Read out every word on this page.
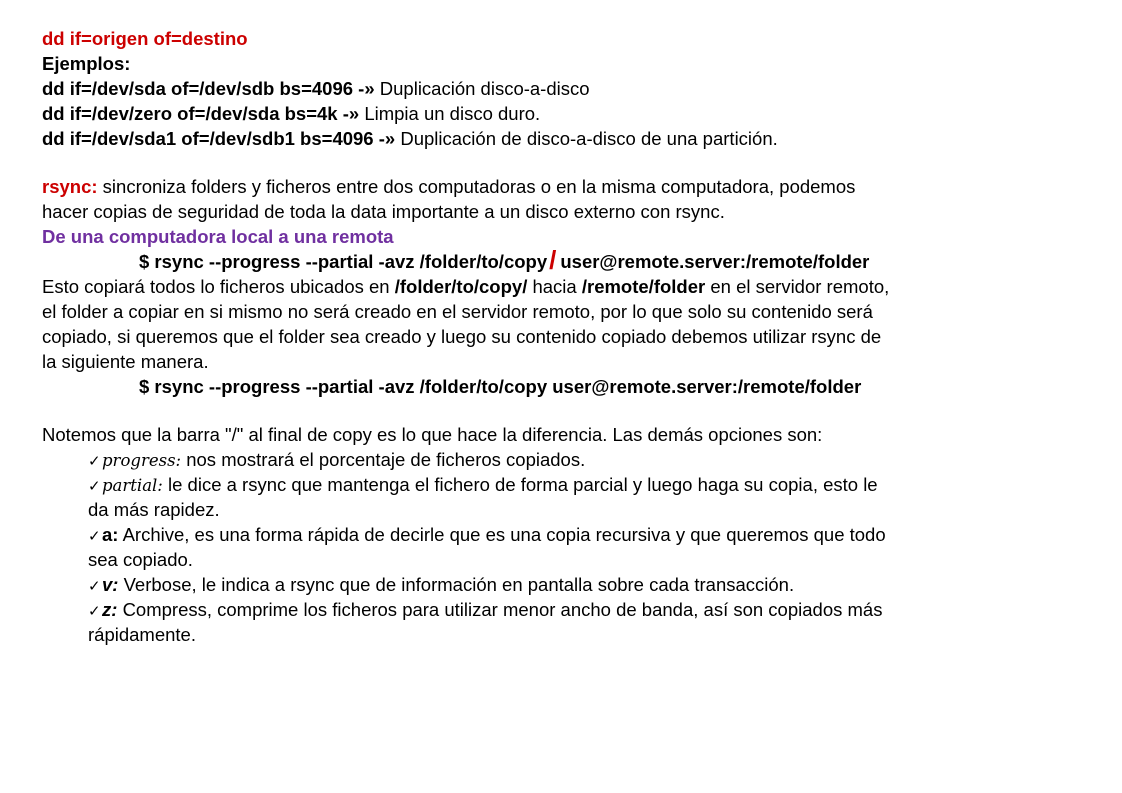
dd if=origen of=destino
Ejemplos:
dd if=/dev/sda of=/dev/sdb bs=4096 -» Duplicación disco-a-disco
dd if=/dev/zero of=/dev/sda bs=4k -» Limpia un disco duro.
dd if=/dev/sda1 of=/dev/sdb1 bs=4096 -» Duplicación de disco-a-disco de una partición.
rsync: sincroniza folders y ficheros entre dos computadoras o en la misma computadora, podemos
hacer copias de seguridad de toda la data importante a un disco externo con rsync.
De una computadora local a una remota
$ rsync --progress --partial -avz /folder/to/copy/ user@remote.server:/remote/folder
Esto copiará todos lo ficheros ubicados en /folder/to/copy/ hacia /remote/folder en el servidor remoto,
el folder a copiar en si mismo no será creado en el servidor remoto, por lo que solo su contenido será
copiado, si queremos que el folder sea creado y luego su contenido copiado debemos utilizar rsync de
la siguiente manera.
$ rsync --progress --partial -avz /folder/to/copy user@remote.server:/remote/folder
Notemos que la barra "/" al final de copy es lo que hace la diferencia. Las demás opciones son:
✓progress: nos mostrará el porcentaje de ficheros copiados.
✓partial: le dice a rsync que mantenga el fichero de forma parcial y luego haga su copia, esto le
da más rapidez.
✓a: Archive, es una forma rápida de decirle que es una copia recursiva y que queremos que todo
sea copiado.
✓v: Verbose, le indica a rsync que de información en pantalla sobre cada transacción.
✓z: Compress, comprime los ficheros para utilizar menor ancho de banda, así son copiados más
rápidamente.
